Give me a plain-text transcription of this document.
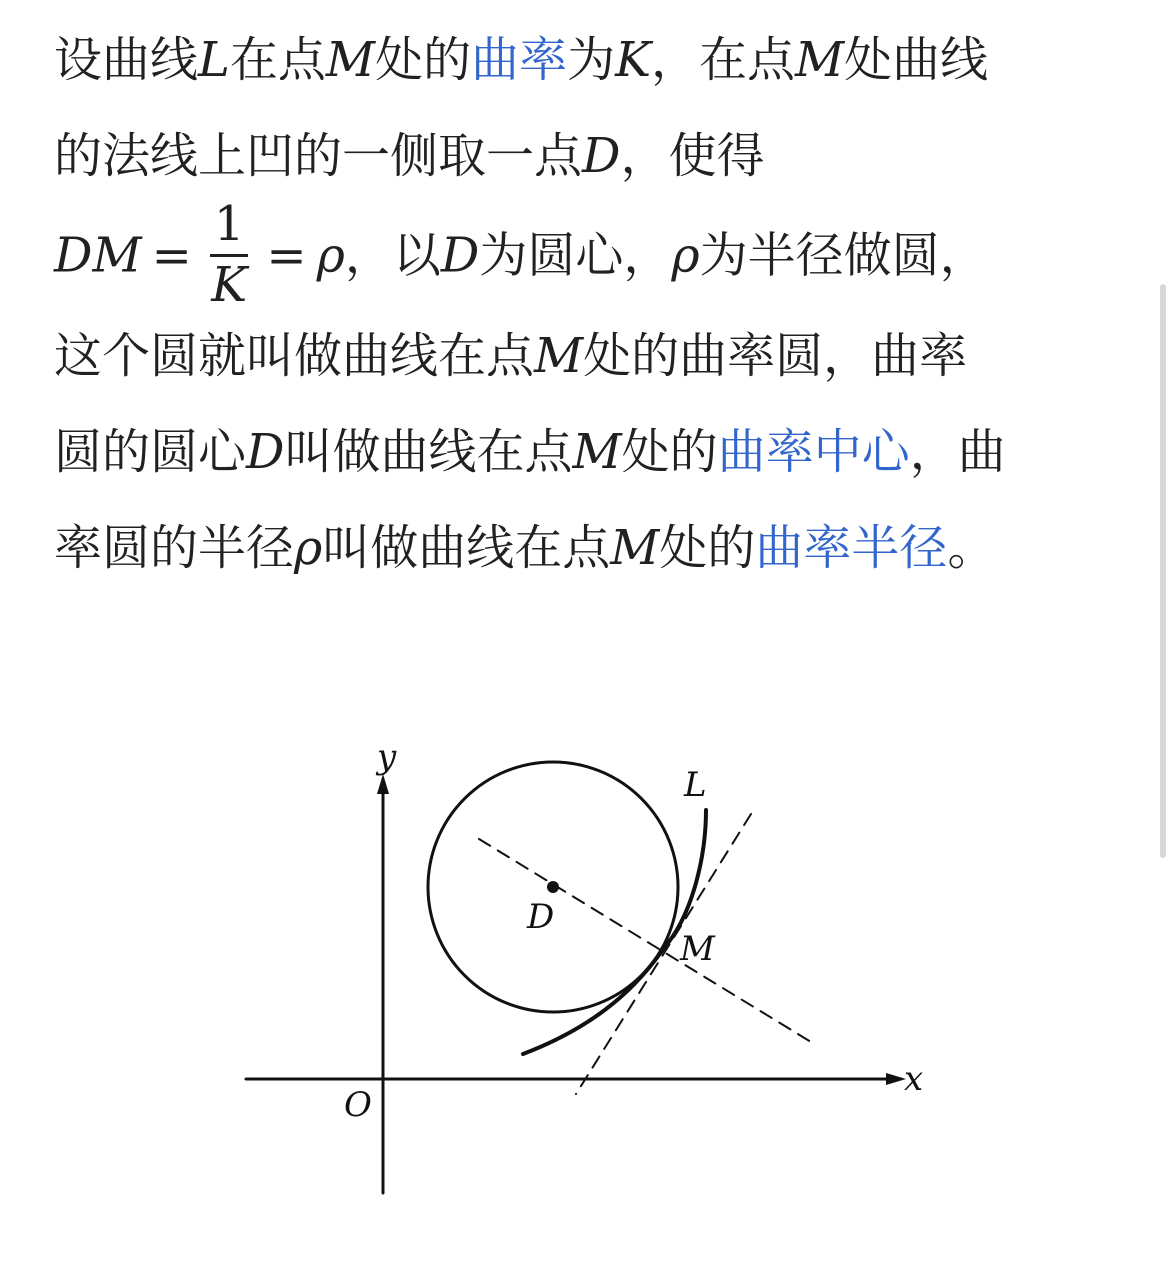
设曲线L在点M处的曲率为K，在点M处曲线
的法线上凹的一侧取一点D，使得
DM = $\frac{1}{K} = \rho$，以D为圆心，ρ为半径做圆，
这个圆就叫做曲线在点M处的曲率圆，曲率
圆的圆心D叫做曲线在点M处的曲率中心，曲
率圆的半径ρ叫做曲线在点M处的曲率半径。
y
x
O
D
M
L
